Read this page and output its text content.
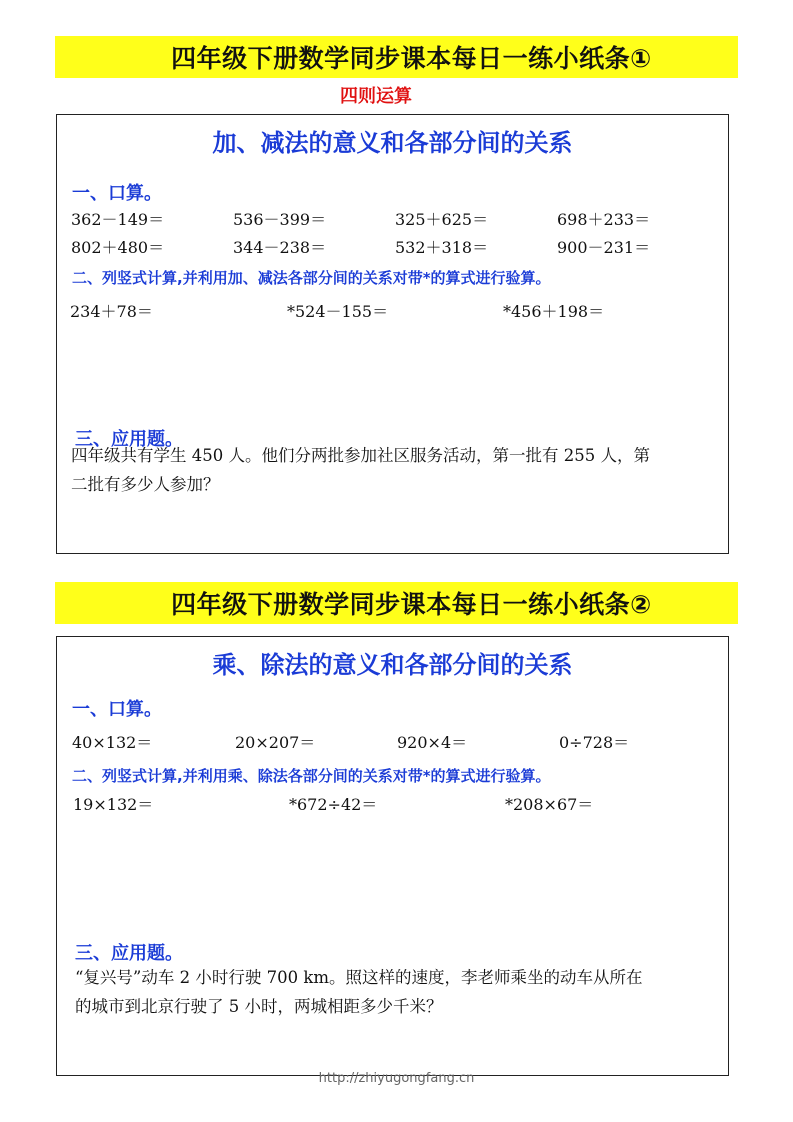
四年级下册数学同步课本每日一练小纸条①
四则运算
加、减法的意义和各部分间的关系
一、口算。
362－149＝	536－399＝	325＋625＝	698＋233＝
802＋480＝	344－238＝	532＋318＝	900－231＝
二、列竖式计算,并利用加、减法各部分间的关系对带*的算式进行验算。
234＋78＝	*524－155＝	*456＋198＝
三、应用题。
四年级共有学生 450 人。他们分两批参加社区服务活动，第一批有 255 人，第
二批有多少人参加？
四年级下册数学同步课本每日一练小纸条②
乘、除法的意义和各部分间的关系
一、口算。
40×132＝	20×207＝	920×4＝	0÷728＝
二、列竖式计算,并利用乘、除法各部分间的关系对带*的算式进行验算。
19×132＝	*672÷42＝	*208×67＝
三、应用题。
“复兴号”动车 2 小时行驶 700 km。照这样的速度，李老师乘坐的动车从所在
的城市到北京行驶了 5 小时，两城相距多少千米？
http://zhiyugongfang.cn
